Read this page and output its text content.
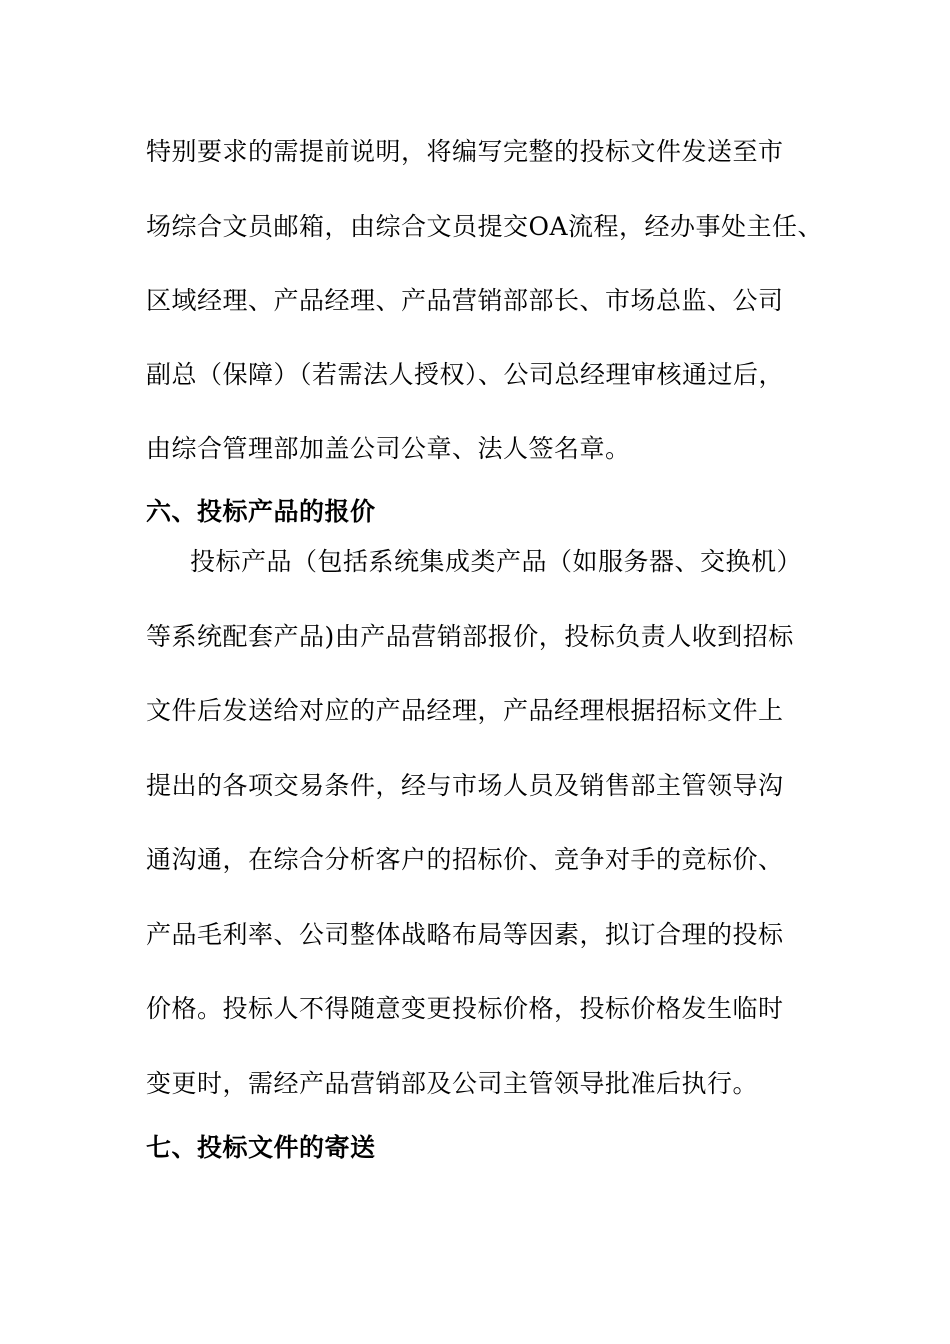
特别要求的需提前说明，将编写完整的投标文件发送至市
场综合文员邮箱，由综合文员提交OA流程，经办事处主任、
区域经理、产品经理、产品营销部部长、市场总监、公司
副总（保障）（若需法人授权）、公司总经理审核通过后，
由综合管理部加盖公司公章、法人签名章。
六、投标产品的报价
投标产品（包括系统集成类产品（如服务器、交换机）
等系统配套产品)由产品营销部报价，投标负责人收到招标
文件后发送给对应的产品经理，产品经理根据招标文件上
提出的各项交易条件，经与市场人员及销售部主管领导沟
通沟通，在综合分析客户的招标价、竞争对手的竞标价、
产品毛利率、公司整体战略布局等因素，拟订合理的投标
价格。投标人不得随意变更投标价格，投标价格发生临时
变更时，需经产品营销部及公司主管领导批准后执行。
七、投标文件的寄送
